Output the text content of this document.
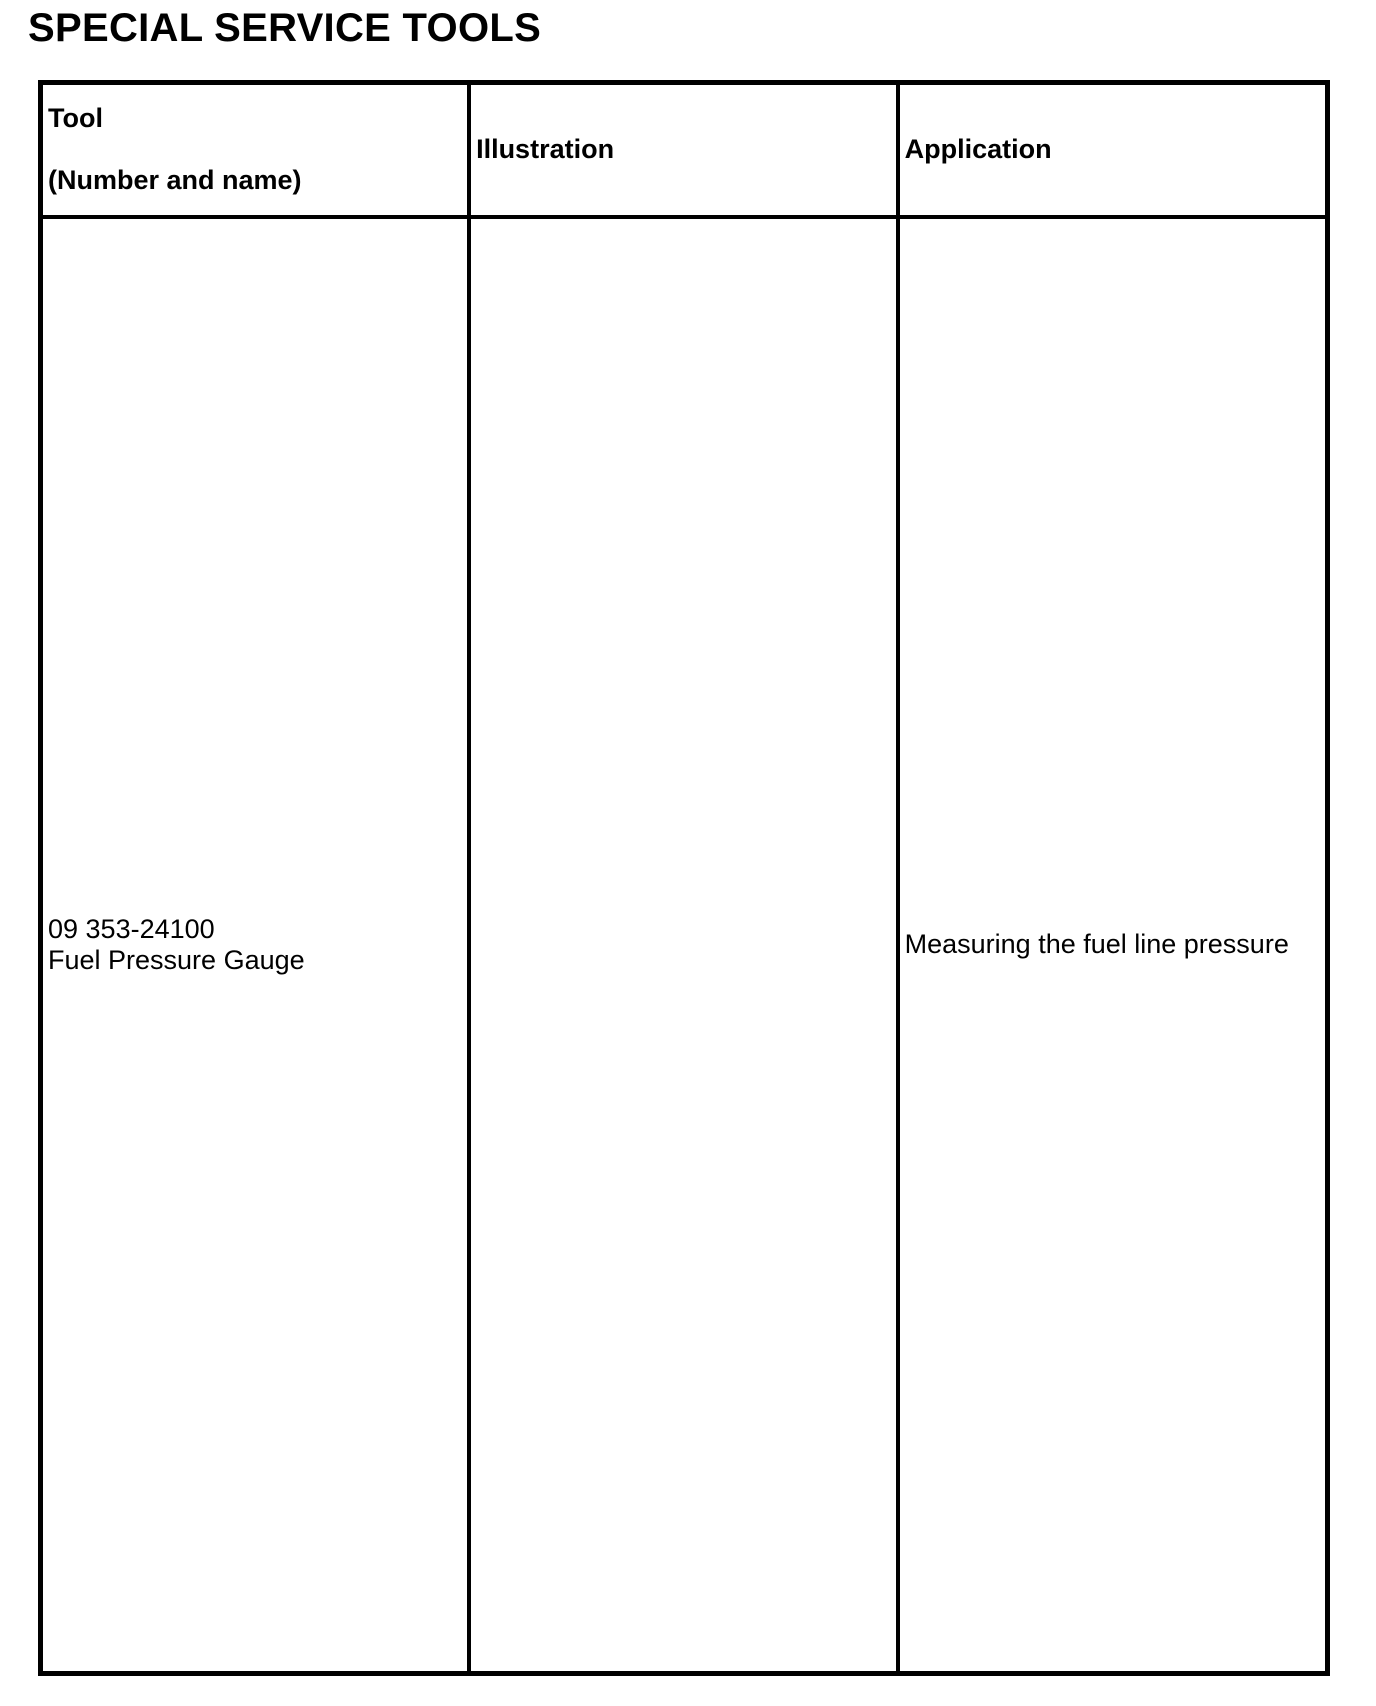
SPECIAL SERVICE TOOLS
Tool
(Number and name)	Illustration	Application

09 353-24100
Fuel Pressure Gauge		Measuring the fuel line pressure
